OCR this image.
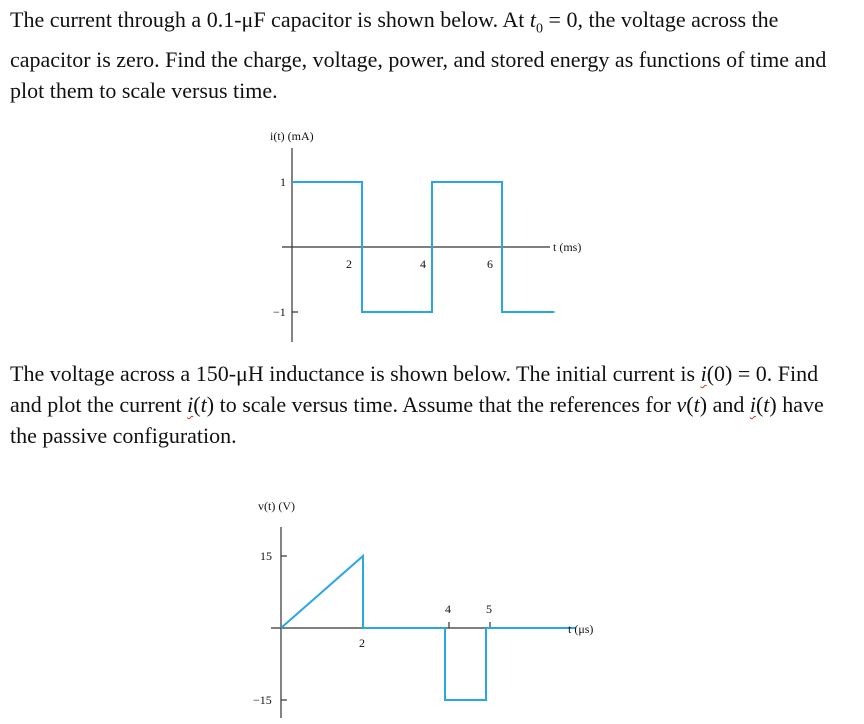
The current through a 0.1-μF capacitor is shown below. At $t_0 = 0$, the voltage across the capacitor is zero. Find the charge, voltage, power, and stored energy as functions of time and plot them to scale versus time.

The voltage across a 150-μH inductance is shown below. The initial current is i(0) = 0. Find and plot the current i(t) to scale versus time. Assume that the references for v(t) and i(t) have the passive configuration.

i(t) (mA)
t (ms)
1
−1
2	4	6
v(t) (V)
t (μs)
15
−15
2
4	5
